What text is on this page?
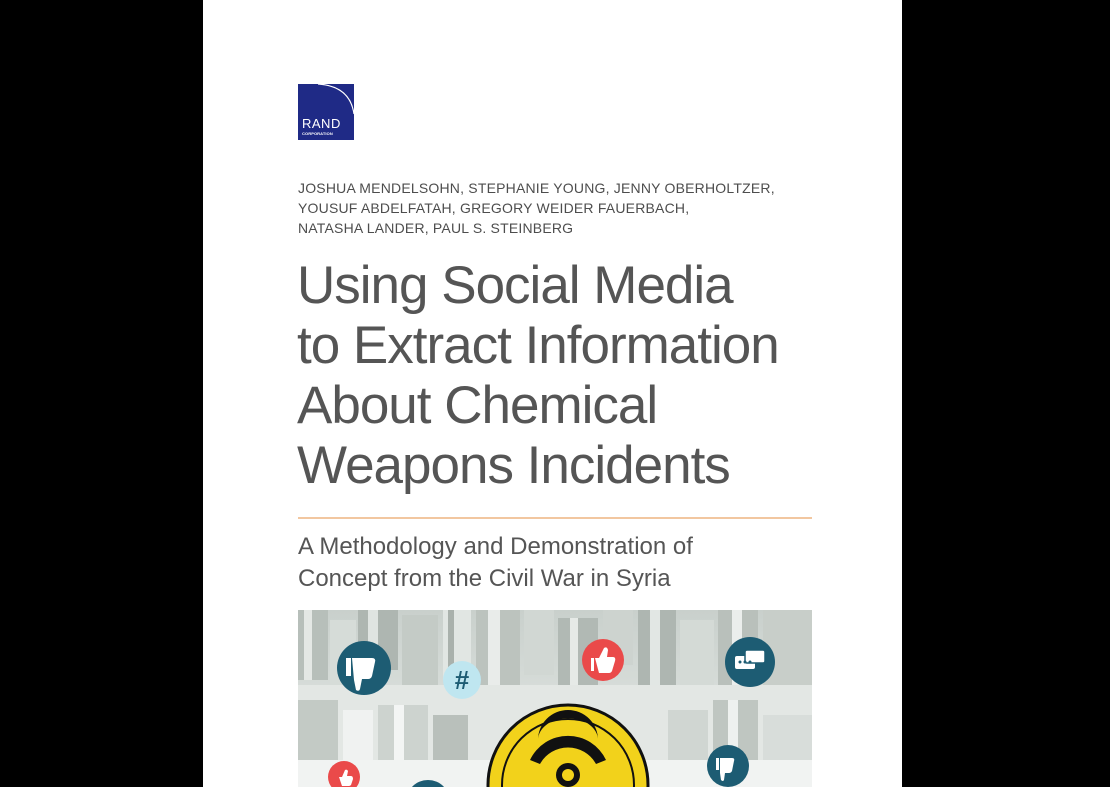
RAND
CORPORATION
JOSHUA MENDELSOHN, STEPHANIE YOUNG, JENNY OBERHOLTZER,
YOUSUF ABDELFATAH, GREGORY WEIDER FAUERBACH,
NATASHA LANDER, PAUL S. STEINBERG
Using Social Media
to Extract Information
About Chemical
Weapons Incidents
A Methodology and Demonstration of
Concept from the Civil War in Syria
#
